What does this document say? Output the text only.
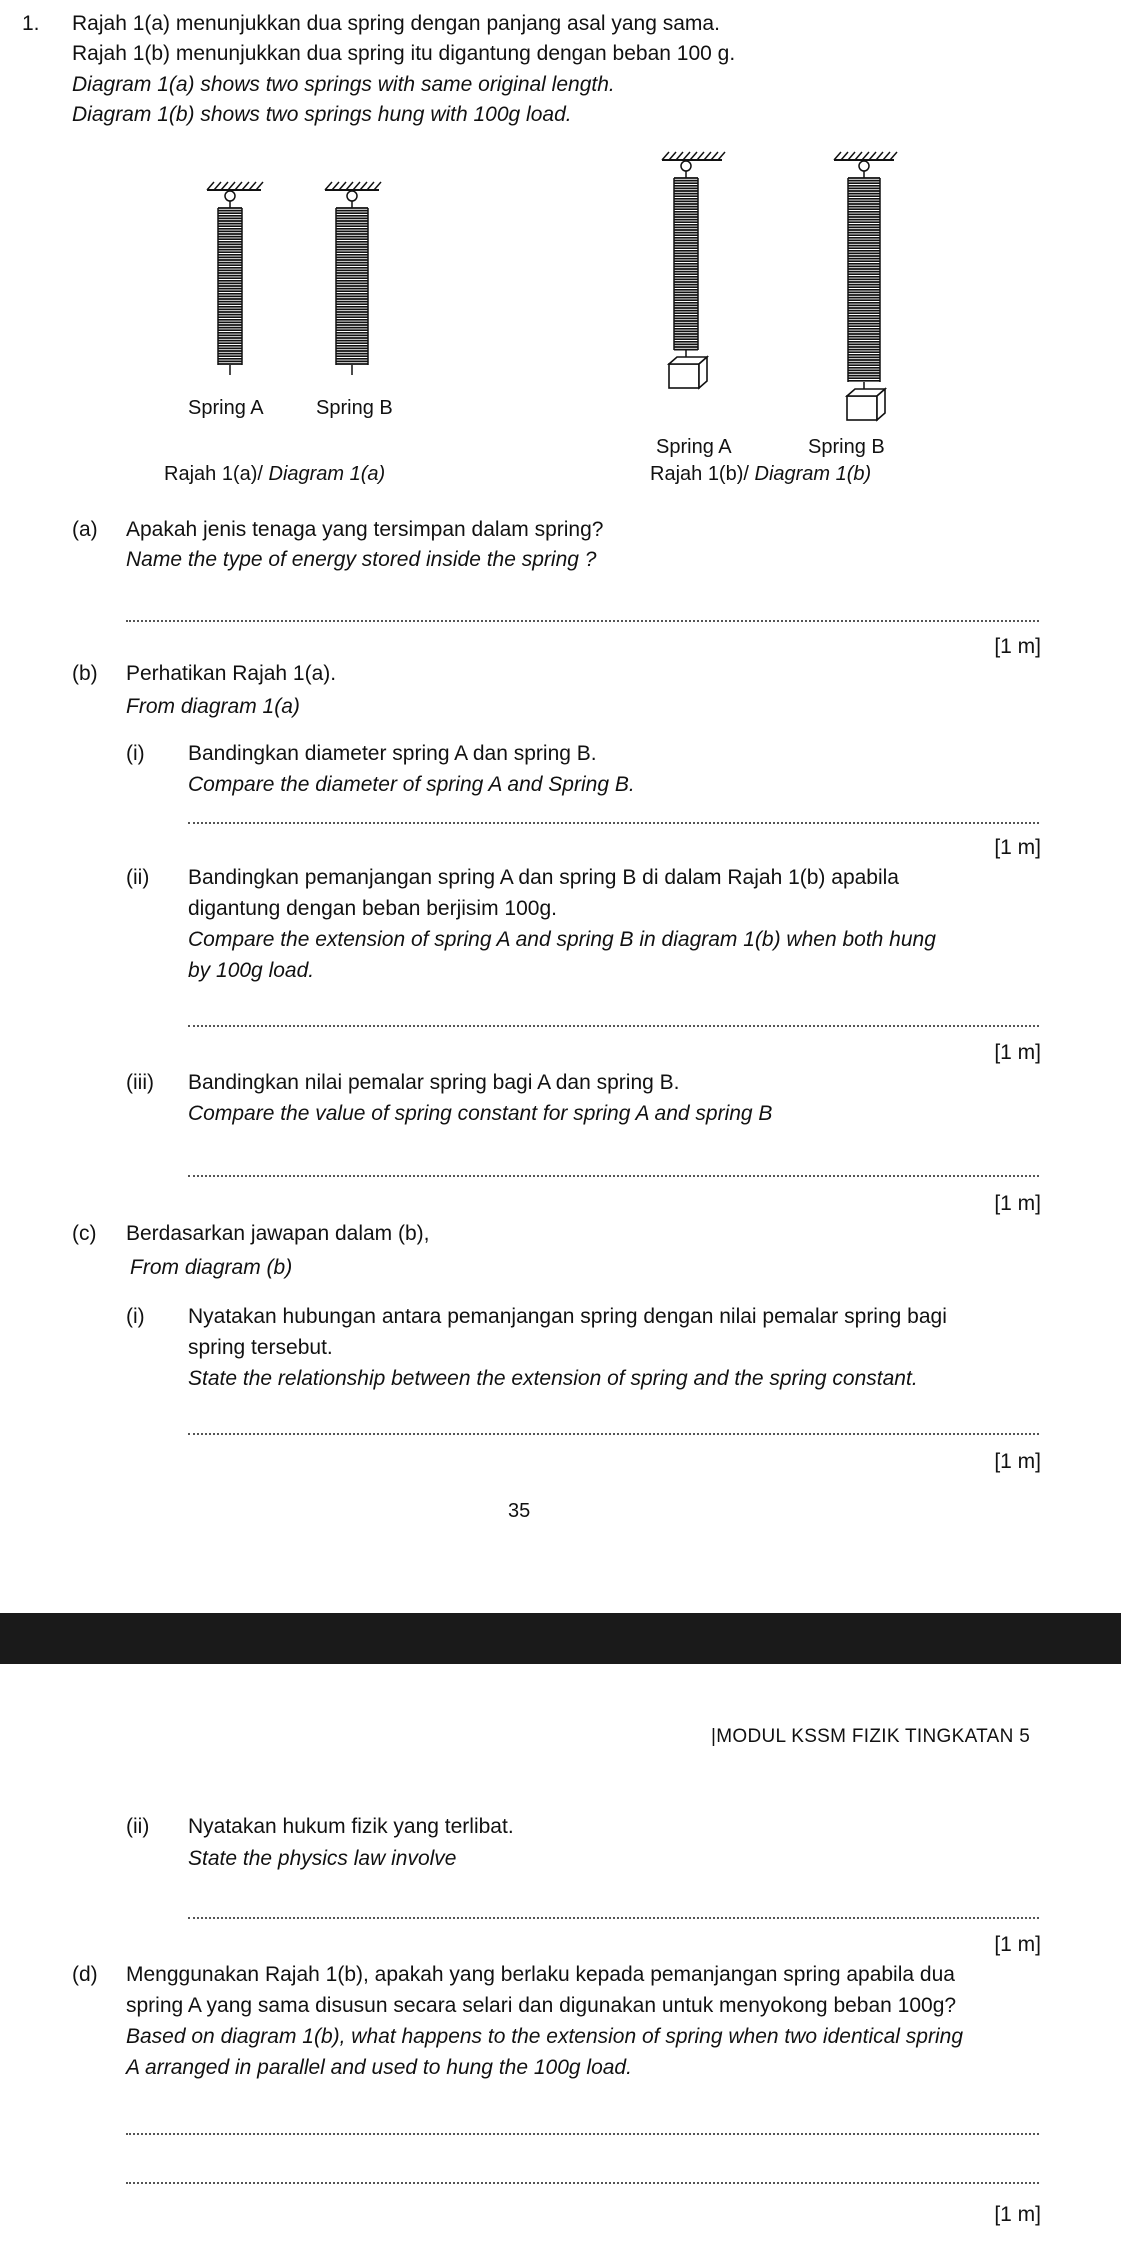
1. Rajah 1(a) menunjukkan dua spring dengan panjang asal yang sama.
Rajah 1(b) menunjukkan dua spring itu digantung dengan beban 100 g.
Diagram 1(a) shows two springs with same original length.
Diagram 1(b) shows two springs hung with 100g load.
Spring A	Spring B
Rajah 1(a)/ Diagram 1(a)
Spring A	Spring B
Rajah 1(b)/ Diagram 1(b)
(a) Apakah jenis tenaga yang tersimpan dalam spring?
Name the type of energy stored inside the spring ?
[1 m]
(b) Perhatikan Rajah 1(a).
From diagram 1(a)
(i) Bandingkan diameter spring A dan spring B.
Compare the diameter of spring A and Spring B.
[1 m]
(ii) Bandingkan pemanjangan spring A dan spring B di dalam Rajah 1(b) apabila
digantung dengan beban berjisim 100g.
Compare the extension of spring A and spring B in diagram 1(b) when both hung
by 100g load.
[1 m]
(iii) Bandingkan nilai pemalar spring bagi A dan spring B.
Compare the value of spring constant for spring A and spring B
[1 m]
(c) Berdasarkan jawapan dalam (b),
From diagram (b)
(i) Nyatakan hubungan antara pemanjangan spring dengan nilai pemalar spring bagi
spring tersebut.
State the relationship between the extension of spring and the spring constant.
[1 m]
35
|MODUL KSSM FIZIK TINGKATAN 5
(ii) Nyatakan hukum fizik yang terlibat.
State the physics law involve
[1 m]
(d) Menggunakan Rajah 1(b), apakah yang berlaku kepada pemanjangan spring apabila dua
spring A yang sama disusun secara selari dan digunakan untuk menyokong beban 100g?
Based on diagram 1(b), what happens to the extension of spring when two identical spring
A arranged in parallel and used to hung the 100g load.
[1 m]
